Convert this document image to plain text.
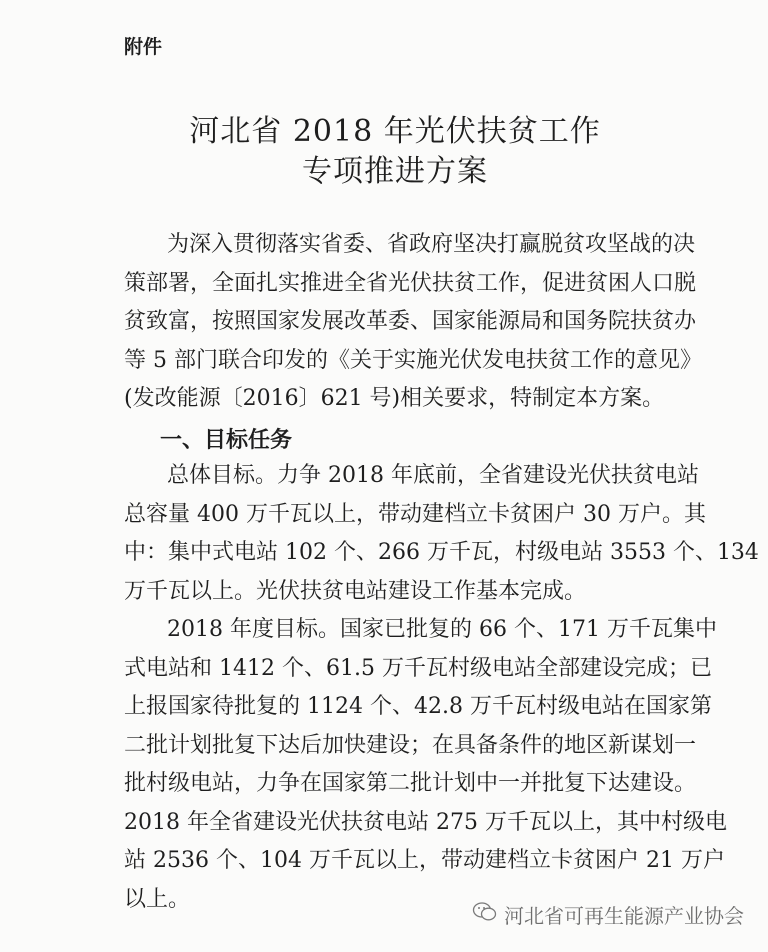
附件
河北省 2018 年光伏扶贫工作
专项推进方案
为深入贯彻落实省委、省政府坚决打赢脱贫攻坚战的决
策部署，全面扎实推进全省光伏扶贫工作，促进贫困人口脱
贫致富，按照国家发展改革委、国家能源局和国务院扶贫办
等 5 部门联合印发的《关于实施光伏发电扶贫工作的意见》
(发改能源〔2016〕621 号)相关要求，特制定本方案。
一、目标任务
总体目标。力争 2018 年底前，全省建设光伏扶贫电站
总容量 400 万千瓦以上，带动建档立卡贫困户 30 万户。其
中：集中式电站 102 个、266 万千瓦，村级电站 3553 个、134
万千瓦以上。光伏扶贫电站建设工作基本完成。
2018 年度目标。国家已批复的 66 个、171 万千瓦集中
式电站和 1412 个、61.5 万千瓦村级电站全部建设完成；已
上报国家待批复的 1124 个、42.8 万千瓦村级电站在国家第
二批计划批复下达后加快建设；在具备条件的地区新谋划一
批村级电站，力争在国家第二批计划中一并批复下达建设。
2018 年全省建设光伏扶贫电站 275 万千瓦以上，其中村级电
站 2536 个、104 万千瓦以上，带动建档立卡贫困户 21 万户
以上。
河北省可再生能源产业协会
